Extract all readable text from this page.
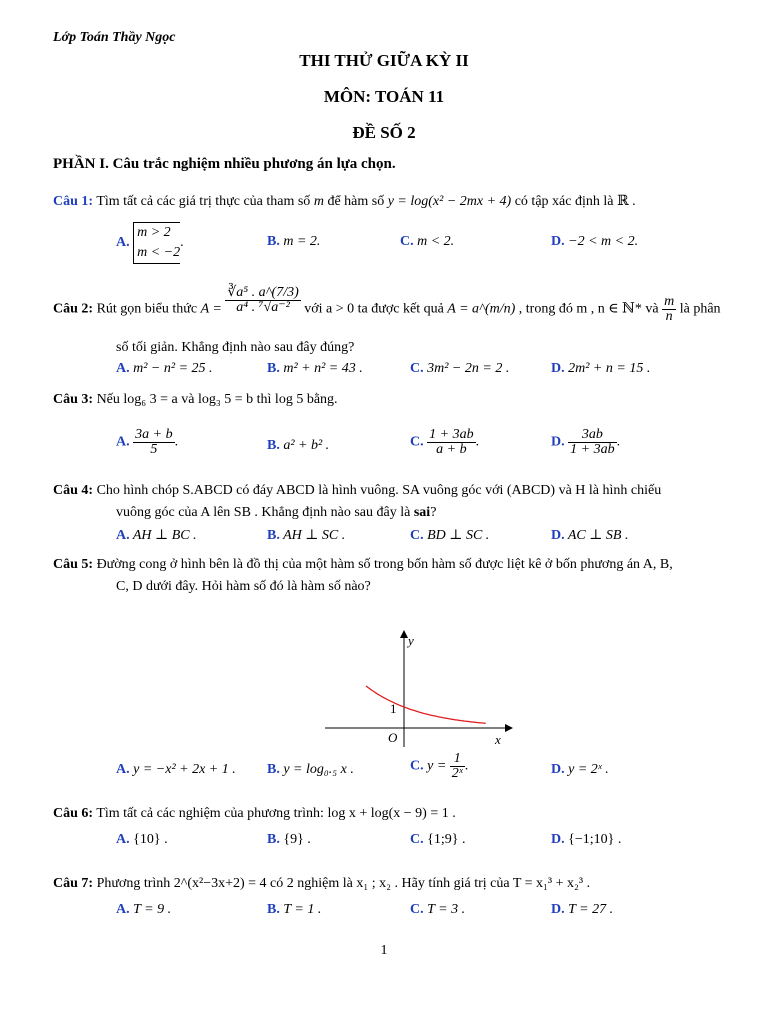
Lớp Toán Thầy Ngọc
THI THỬ GIỮA KỲ II
MÔN: TOÁN 11
ĐỀ SỐ 2
PHẦN I. Câu trắc nghiệm nhiều phương án lựa chọn.
Câu 1: Tìm tất cả các giá trị thực của tham số m để hàm số y = log(x² − 2mx + 4) có tập xác định là ℝ .
A.
m > 2
m < −2
.	B. m = 2.	C. m < 2.	D. −2 < m < 2.
Câu 2: Rút gọn biểu thức $A = \frac{\text{∛a⁵ . a\textasciicircum{}(7/3)}}{\text{a⁴ . ⁷√a⁻²}}$ với a > 0 ta được kết quả A = a^(m/n) , trong đó m , n ∈ ℕ* và $\frac{m}{n}$ là phân
số tối giản. Khẳng định nào sau đây đúng?
A. m² − n² = 25 .	B. m² + n² = 43 .	C. 3m² − 2n = 2 .	D. 2m² + n = 15 .
Câu 3: Nếu log₆ 3 = a và log₃ 5 = b thì log 5 bằng.
A. $\frac{3a + b}{5}$ .	B. a² + b² .	C. $\frac{1 + 3ab}{a + b}$ .	D. $\frac{3ab}{1 + 3ab}$ .
Câu 4: Cho hình chóp S.ABCD có đáy ABCD là hình vuông. SA vuông góc với (ABCD) và H là hình chiếu
vuông góc của A lên SB . Khẳng định nào sau đây là sai?
A. AH ⊥ BC .	B. AH ⊥ SC .	C. BD ⊥ SC .	D. AC ⊥ SB .
Câu 5: Đường cong ở hình bên là đồ thị của một hàm số trong bốn hàm số được liệt kê ở bốn phương án A, B,
C, D dưới đây. Hỏi hàm số đó là hàm số nào?
y
x
O
1
A. y = −x² + 2x + 1 . B. y = log₀.₅ x .	C. $y = \frac{1}{\text{2ˣ}}$ .	D. y = 2ˣ .
Câu 6: Tìm tất cả các nghiệm của phương trình: log x + log(x − 9) = 1 .
A. {10} .	B. {9} .	C. {1;9} .	D. {−1;10} .
Câu 7: Phương trình 2^(x²−3x+2) = 4 có 2 nghiệm là x₁ ; x₂ . Hãy tính giá trị của T = x₁³ + x₂³ .
A. T = 9 .	B. T = 1 .	C. T = 3 .	D. T = 27 .
1
